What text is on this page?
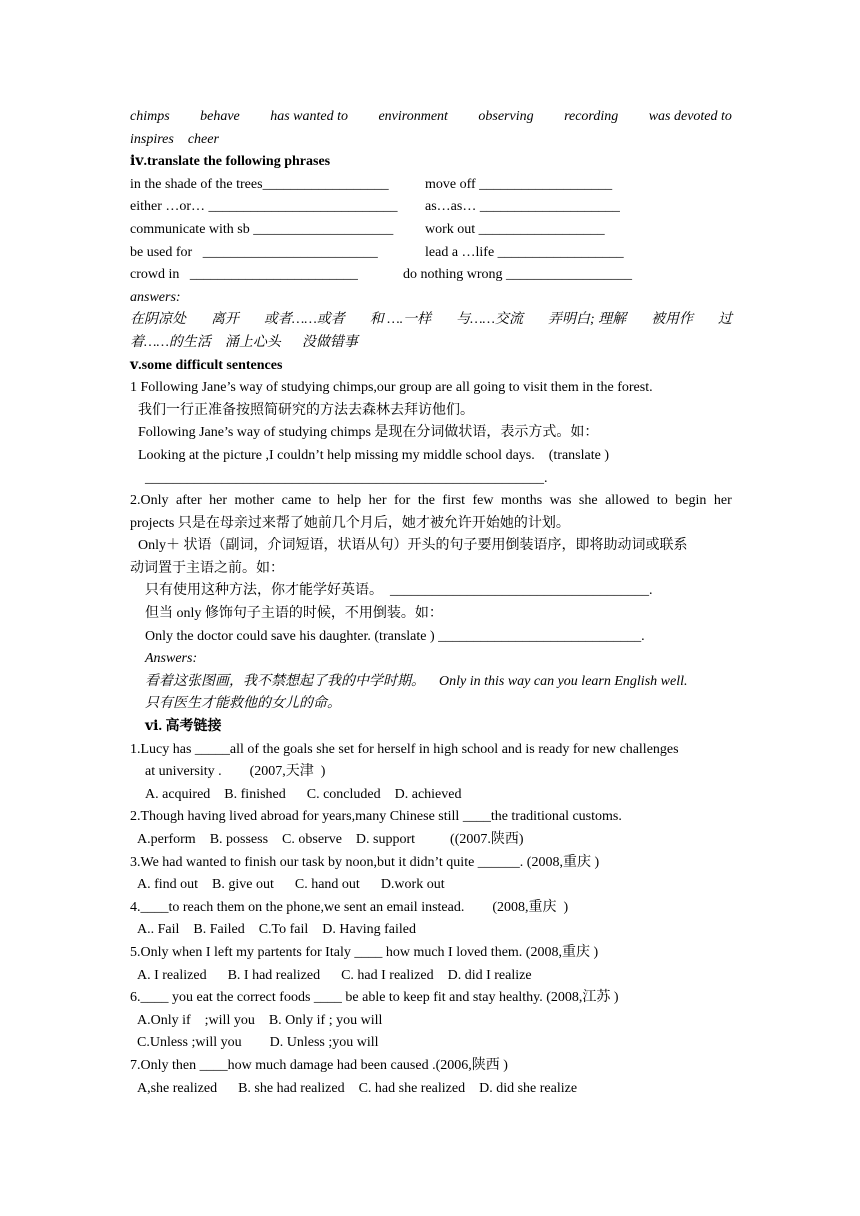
chimps behave has wanted to environment observing recording was devoted to
inspires    cheer
ⅳ.translate the following phrases
in the shade of the trees__________________	move off ___________________
either …or… ___________________________ as…as… ____________________
communicate with sb ____________________ work out __________________
be used for   _________________________	lead a …life __________________
crowd in   ________________________	do nothing wrong __________________
answers:
在阴凉处 离开 或者……或者 和 ….一样 与……交流 弄明白; 理解 被用作 过
着……的生活    涌上心头      没做错事
ⅴ.some difficult sentences
1 Following Jane’s way of studying chimps,our group are all going to visit them in the forest.
我们一行正准备按照简研究的方法去森林去拜访他们。
Following Jane’s way of studying chimps 是现在分词做状语，表示方式。如：
Looking at the picture ,I couldn’t help missing my middle school days.    (translate )
_________________________________________________________.
2.Only after her mother came to help her for the first few months was she allowed to begin her
projects 只是在母亲过来帮了她前几个月后，她才被允许开始她的计划。
Only＋ 状语（副词，介词短语，状语从句）开头的句子要用倒装语序，即将助动词或联系
动词置于主语之前。如：
只有使用这种方法，你才能学好英语。  _____________________________________.
但当 only 修饰句子主语的时候，不用倒装。如：
Only the doctor could save his daughter. (translate ) _____________________________.
Answers:
看着这张图画，我不禁想起了我的中学时期。    Only in this way can you learn English well.
只有医生才能救他的女儿的命。
ⅵ. 高考链接
1.Lucy has _____all of the goals she set for herself in high school and is ready for new challenges
at university .        (2007,天津  )
A. acquired    B. finished      C. concluded    D. achieved
2.Though having lived abroad for years,many Chinese still ____the traditional customs.
A.perform    B. possess    C. observe    D. support          ((2007.陕西)
3.We had wanted to finish our task by noon,but it didn’t quite ______. (2008,重庆 )
A. find out    B. give out      C. hand out      D.work out
4.____to reach them on the phone,we sent an email instead.        (2008,重庆  )
A.. Fail    B. Failed    C.To fail    D. Having failed
5.Only when I left my partents for Italy ____ how much I loved them. (2008,重庆 )
A. I realized      B. I had realized      C. had I realized    D. did I realize
6.____ you eat the correct foods ____ be able to keep fit and stay healthy. (2008,江苏 )
A.Only if    ;will you    B. Only if ; you will
C.Unless ;will you        D. Unless ;you will
7.Only then ____how much damage had been caused .(2006,陕西 )
A,she realized      B. she had realized    C. had she realized    D. did she realize
